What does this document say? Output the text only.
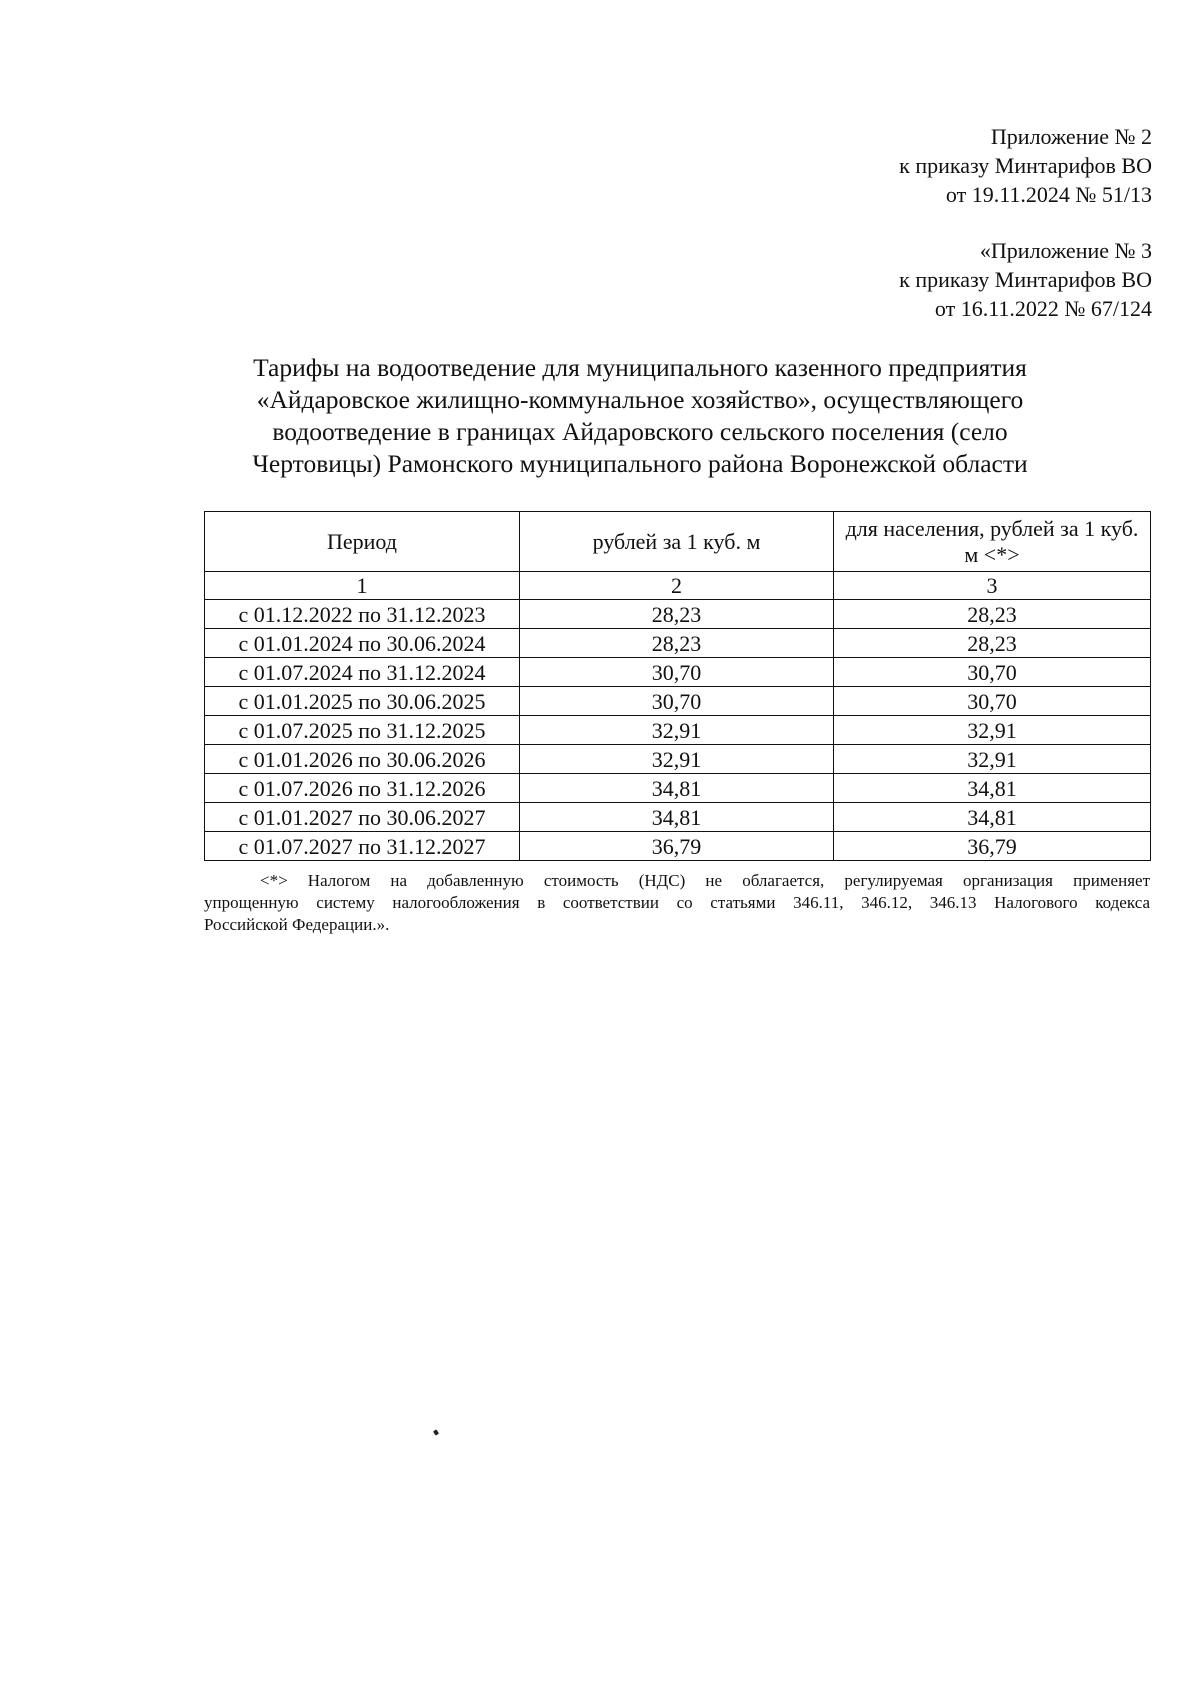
Приложение № 2
к приказу Минтарифов ВО
от 19.11.2024 № 51/13
«Приложение № 3
к приказу Минтарифов ВО
от 16.11.2022 № 67/124
Тарифы на водоотведение для муниципального казенного предприятия
«Айдаровское жилищно-коммунальное хозяйство», осуществляющего
водоотведение в границах Айдаровского сельского поселения (село
Чертовицы) Рамонского муниципального района Воронежской области
Период	рублей за 1 куб. м	для населения, рублей за 1 куб. м <*>
1	2	3
с 01.12.2022 по 31.12.2023	28,23	28,23
с 01.01.2024 по 30.06.2024	28,23	28,23
с 01.07.2024 по 31.12.2024	30,70	30,70
с 01.01.2025 по 30.06.2025	30,70	30,70
с 01.07.2025 по 31.12.2025	32,91	32,91
с 01.01.2026 по 30.06.2026	32,91	32,91
с 01.07.2026 по 31.12.2026	34,81	34,81
с 01.01.2027 по 30.06.2027	34,81	34,81
с 01.07.2027 по 31.12.2027	36,79	36,79
<*> Налогом на добавленную стоимость (НДС) не облагается, регулируемая организация применяет
упрощенную систему налогообложения в соответствии со статьями 346.11, 346.12, 346.13 Налогового кодекса
Российской Федерации.».
